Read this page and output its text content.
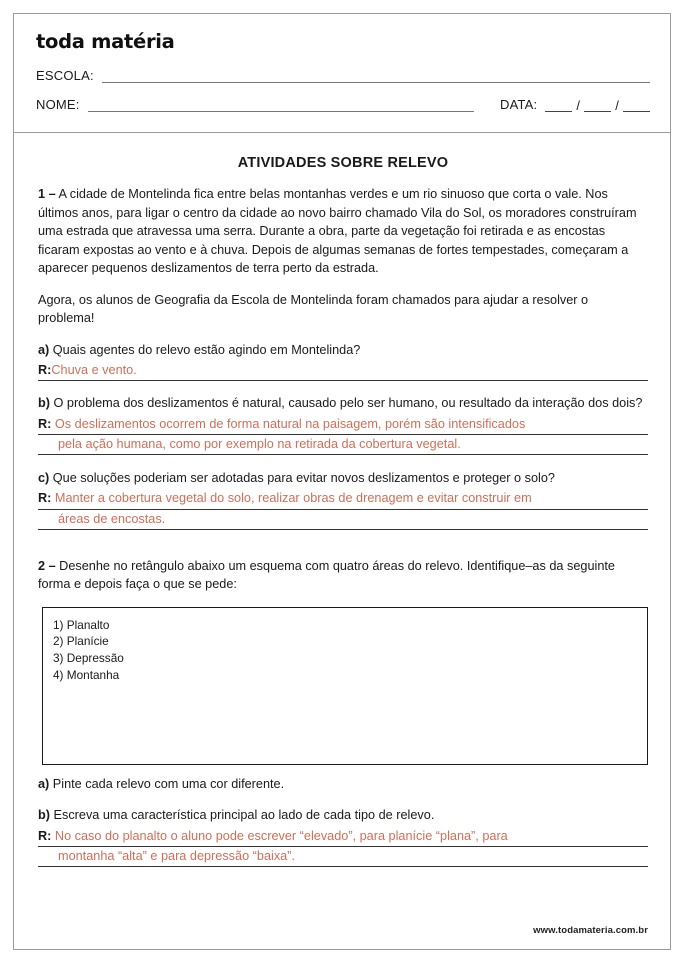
toda matéria
ESCOLA:
NOME:	DATA:	/	/
ATIVIDADES SOBRE RELEVO

1 – A cidade de Montelinda fica entre belas montanhas verdes e um rio sinuoso que corta o vale. Nos últimos anos, para ligar o centro da cidade ao novo bairro chamado Vila do Sol, os moradores construíram uma estrada que atravessa uma serra. Durante a obra, parte da vegetação foi retirada e as encostas ficaram expostas ao vento e à chuva. Depois de algumas semanas de fortes tempestades, começaram a aparecer pequenos deslizamentos de terra perto da estrada.

Agora, os alunos de Geografia da Escola de Montelinda foram chamados para ajudar a resolver o problema!

a) Quais agentes do relevo estão agindo em Montelinda?
R:Chuva e vento.
b) O problema dos deslizamentos é natural, causado pelo ser humano, ou resultado da interação dos dois?
R: Os deslizamentos ocorrem de forma natural na paisagem, porém são intensificados
pela ação humana, como por exemplo na retirada da cobertura vegetal.
c) Que soluções poderiam ser adotadas para evitar novos deslizamentos e proteger o solo?
R: Manter a cobertura vegetal do solo, realizar obras de drenagem e evitar construir em
áreas de encostas.

2 – Desenhe no retângulo abaixo um esquema com quatro áreas do relevo. Identifique–as da seguinte forma e depois faça o que se pede:

1) Planalto
2) Planície
3) Depressão
4) Montanha
a) Pinte cada relevo com uma cor diferente.
b) Escreva uma característica principal ao lado de cada tipo de relevo.
R: No caso do planalto o aluno pode escrever “elevado”, para planície “plana”, para
montanha “alta” e para depressão “baixa”.
www.todamateria.com.br
